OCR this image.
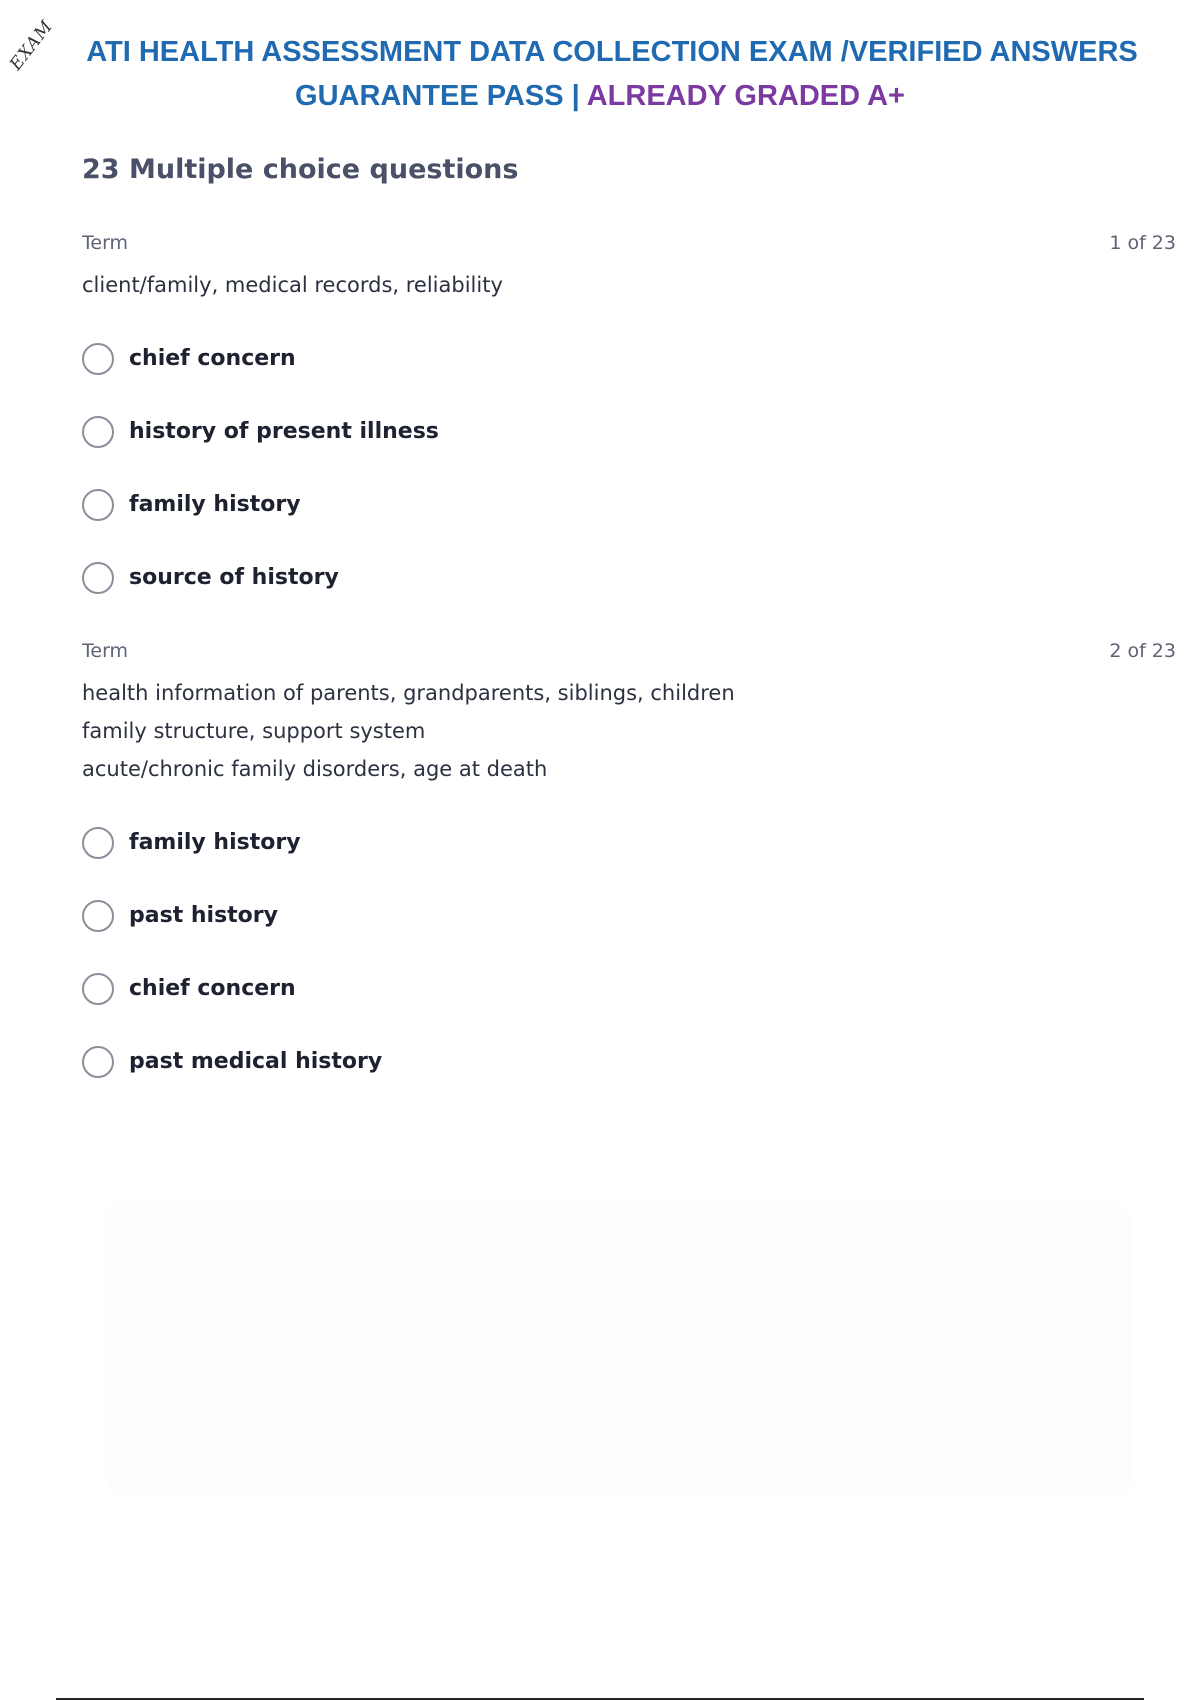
EXAM	ATI HEALTH ASSESSMENT DATA COLLECTION EXAM /VERIFIED ANSWERS
GUARANTEE PASS | ALREADY GRADED A+
23 Multiple choice questions
Term	1 of 23
client/family, medical records, reliability
chief concern
history of present illness
family history
source of history
Term	2 of 23
health information of parents, grandparents, siblings, children
family structure, support system
acute/chronic family disorders, age at death
family history
past history
chief concern
past medical history
